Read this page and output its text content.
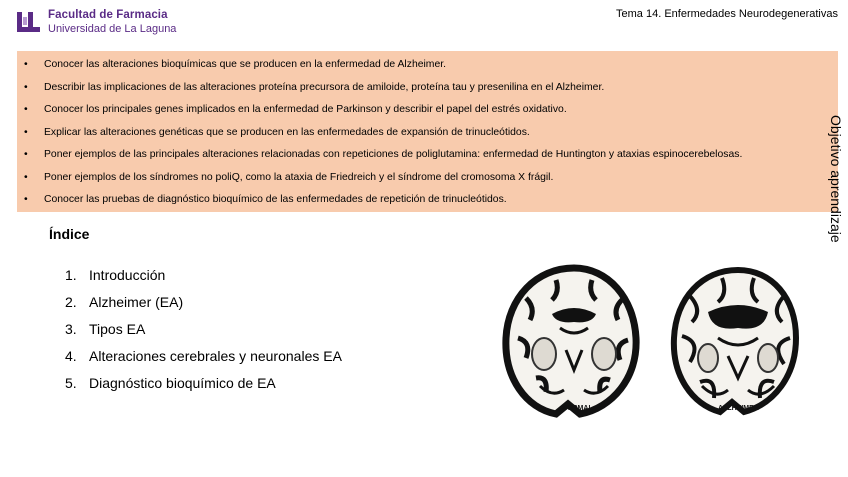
Facultad de Farmacia
Universidad de La Laguna
Tema 14. Enfermedades Neurodegenerativas
• Conocer las alteraciones bioquímicas que se producen en la enfermedad de Alzheimer.
• Describir las implicaciones de las alteraciones proteína precursora de amiloide, proteína tau y presenilina en el Alzheimer.
• Conocer los principales genes implicados en la enfermedad de Parkinson y describir el papel del estrés oxidativo.
• Explicar las alteraciones genéticas que se producen en las enfermedades de expansión de trinucleótidos.
• Poner ejemplos de las principales alteraciones relacionadas con repeticiones de poliglutamina: enfermedad de Huntington y ataxias espinocerebelosas.
• Poner ejemplos de los síndromes no poliQ, como la ataxia de Friedreich y el síndrome del cromosoma X frágil.
• Conocer las pruebas de diagnóstico bioquímico de las enfermedades de repetición de trinucleótidos.	Objetivo aprendizaje
Índice
1. Introducción
2. Alzheimer (EA)
3. Tipos EA
4. Alteraciones cerebrales y neuronales EA
5. Diagnóstico bioquímico de EA
NORMAL	ALZHEIMER
